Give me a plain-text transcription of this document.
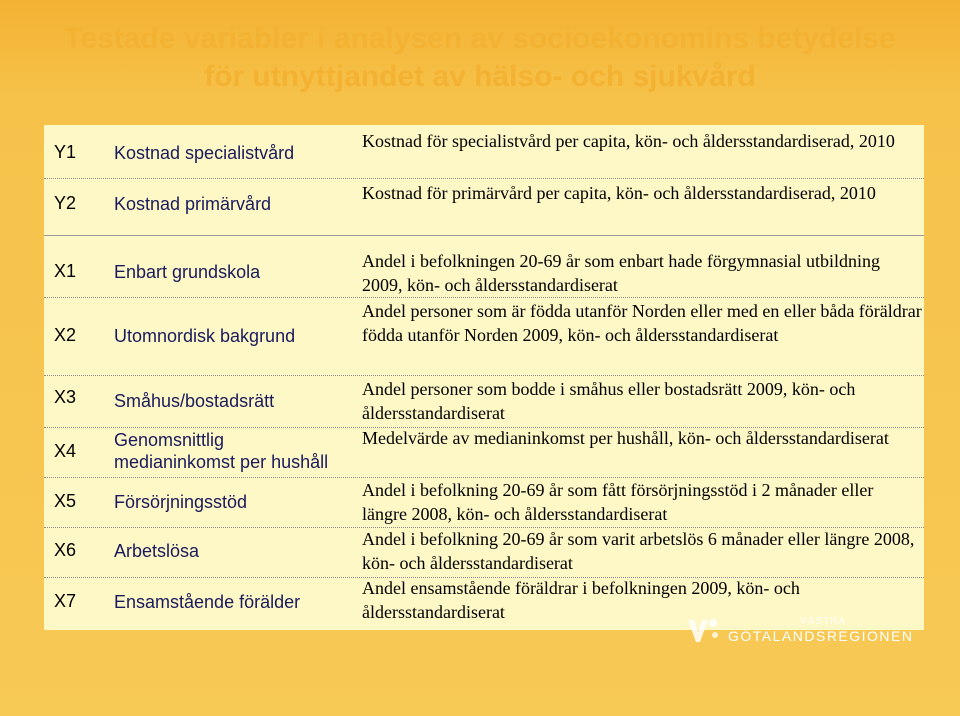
Testade variabler i analysen av socioekonomins betydelse
för utnyttjandet av hälso- och sjukvård
Y1 Kostnad specialistvård
Kostnad för specialistvård per capita, kön- och åldersstandardiserad, 2010
Y2 Kostnad primärvård
Kostnad för primärvård per capita, kön- och åldersstandardiserad, 2010
X1 Enbart grundskola
Andel i befolkningen 20-69 år som enbart hade förgymnasial utbildning 2009, kön- och åldersstandardiserat
X2 Utomnordisk bakgrund
Andel personer som är födda utanför Norden eller med en eller båda föräldrar födda utanför Norden 2009, kön- och åldersstandardiserat
X3 Småhus/bostadsrätt
Andel personer som bodde i småhus eller bostadsrätt 2009, kön- och åldersstandardiserat
X4
Genomsnittlig medianinkomst per hushåll
Medelvärde av medianinkomst per hushåll, kön- och åldersstandardiserat
X5 Försörjningsstöd
Andel i befolkning 20-69 år som fått försörjningsstöd i 2 månader eller längre 2008, kön- och åldersstandardiserat
X6 Arbetslösa
Andel i befolkning 20-69 år som varit arbetslös 6 månader eller längre 2008, kön- och åldersstandardiserat
X7 Ensamstående förälder
Andel ensamstående föräldrar i befolkningen 2009, kön- och åldersstandardiserat	VÄSTRA
GÖTALANDSREGIONEN
